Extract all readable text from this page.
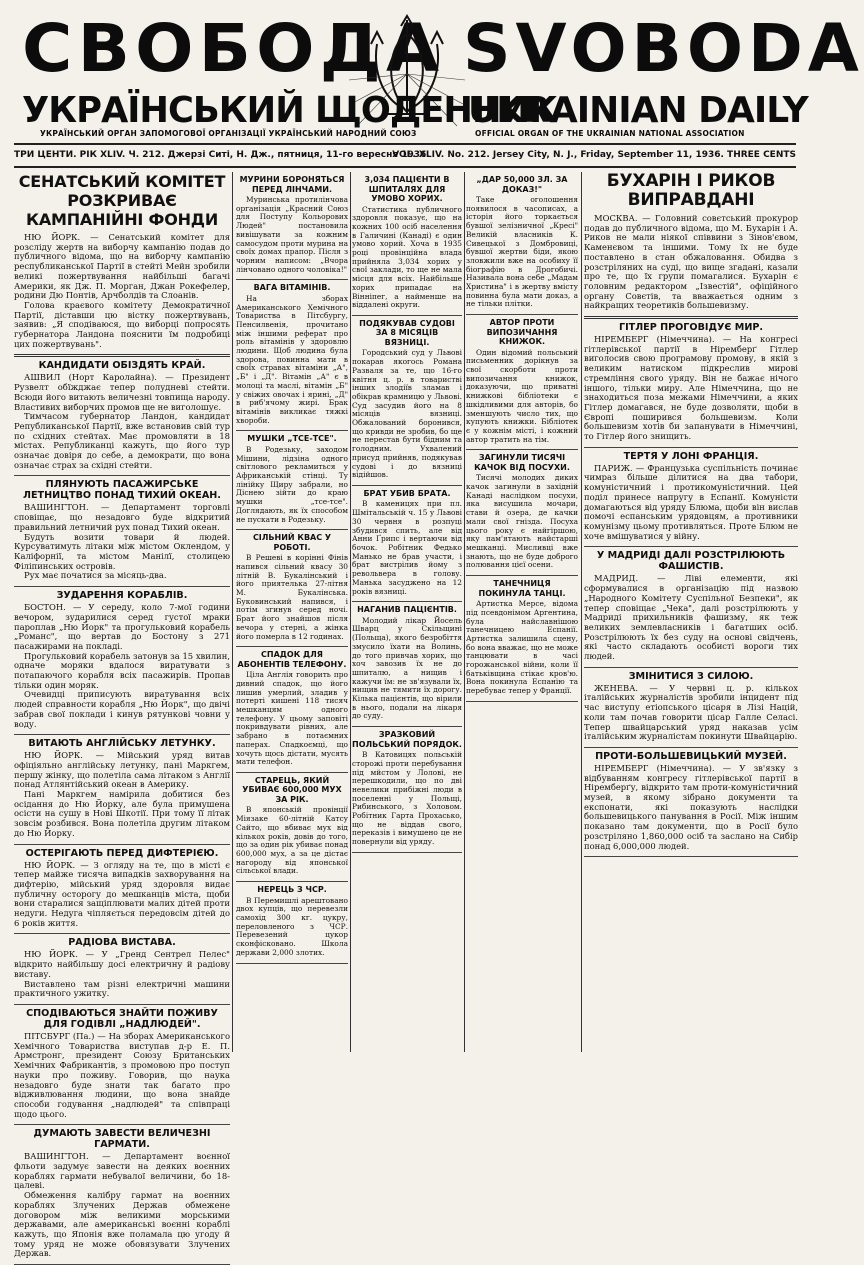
СВОБОДА SVOBODA
УКРАЇНСЬКИЙ ЩОДЕННИК
UKRAINIAN DAILY
УКРАЇНСЬКИЙ ОРГАН ЗАПОМОГОВОЇ ОРГАНІЗАЦІЇ УКРАЇНСЬКИЙ НАРОДНИЙ СОЮЗ	OFFICIAL ORGAN OF THE UKRAINIAN NATIONAL ASSOCIATION
ТРИ ЦЕНТИ. РІК XLIV. Ч. 212. Джерзі Ситі, Н. Дж., пятниця, 11-го вересня 1936.
VOL. XLIV. No. 212. Jersey City, N. J., Friday, September 11, 1936. THREE CENTS
СЕНАТСЬКИЙ КОМІТЕТ РОЗКРИВАЄ КАМПАНІЙНІ ФОНДИ

НЮ ЙОРК. — Сенатський комітет для розсліду жертв на виборчу кампанію подав до публичного відома, що на виборчу кампанію республиканської Партії в стейті Мейн зробили великі пожертвування найбільші багачі Америки, як Дж. П. Морган, Джан Рокефелер, родини Дю Понтів, Арчболдів та Слоанів.

Голова краєвого комітету Демократичної Партії, діставши цю вістку пожертвувань, заявив: „Я сподіваюся, що виборці попросять губернатора Ландона пояснити їм подробиці цих пожертвувань".

КАНДИДАТИ ОБІЗДЯТЬ КРАЙ.

АШВИЛ (Норт Каролайна). — Президент Рузвелт обїжджає тепер полудневі стейти. Всюди його витають величезні товпища народу. Властивих виборчих промов ще не виголошує.

Тимчасом губернатор Ландон, кандидат Републиканської Партії, вже встановив свій тур по східних стейтах. Має промовляти в 18 містах. Републиканці кажуть, що його тур означає довіря до себе, а демократи, що вона означає страх за східні стейти.

ПЛЯНУЮТЬ ПАСАЖИРСЬКЕ ЛЕТНИЦТВО ПОНАД ТИХИЙ ОКЕАН.

ВАШИНГТОН. — Департамент торговлі сповіщає, що незадовго буде відкритий правильний летничий рух понад Тихий океан.

Будуть возити товари й людей. Курсуватимуть літаки між містом Оклендом, у Каліфорнії, та містом Манілї, столицею Філіпинських островів.

Рух має початися за місяць-два.

ЗУДАРЕННЯ КОРАБЛІВ.

БОСТОН. — У середу, коло 7-мої години вечором, зударилися серед густої мраки пароплав „Ню Йорк" та прогульковий корабель „Романс", що вертав до Бостону з 271 пасажирами на покладі.

Прогульковий корабель затонув за 15 хвилин, одначе моряки вдалося виратувати з потапаючого корабля всіх пасажирів. Пропав тільки один моряк.

Очевидці приписують виратування всіх людей справности корабля „Ню Йорк", що двічі забрав свої поклади і кинув рятункові човни у воду.

ВИТАЮТЬ АНГЛІЙСЬКУ ЛЕТУНКУ.

НЮ ЙОРК. — Мійський уряд витав офіціяльно англійську летунку, пані Маркгем, першу жінку, що полетіла сама літаком з Англії понад Атлянтійський океан в Америку.

Пані Маркгем намірила добитися без осідання до Ню Йорку, але була примушена осісти на сушу в Нові Шкотії. При тому її літак зовсім розбився. Вона полетіла другим літаком до Ню Йорку.

ОСТЕРІГАЮТЬ ПЕРЕД ДИФТЕРІЄЮ.

НЮ ЙОРК. — З огляду на те, що в місті є тепер майже тисяча випадків захворування на дифтерію, мійський уряд здоровля видає публичну осторогу до мешканців міста, щоби вони старалися защіплювати малих дітей проти недуги. Недуга чіпляється передовсім дітей до 6 років життя.

РАДІОВА ВИСТАВА.

НЮ ЙОРК. — У „Гренд Сентрел Пелес" відкрито найбільшу досі електричну й радіову виставу.

Виставлено там різні електричні машини практичного ужитку.

СПОДІВАЮТЬСЯ ЗНАЙТИ ПОЖИВУ ДЛЯ ГОДІВЛІ „НАДЛЮДЕЙ".

ПІТСБУРГ (Па.) — На зборах Американського Хемічного Товариства виступав д-р Е. П. Армстронг, президент Союзу Британських Хемічних Фабрикантів, з промовою про поступ науки про поживу. Говорив, що наука незадовго буде знати так багато про відживлювання людини, що вона знайде способи годування „надлюдей" та співпраці щодо цього.

ДУМАЮТЬ ЗАВЕСТИ ВЕЛИЧЕЗНІ ГАРМАТИ.

ВАШИНГТОН. — Департамент воєнної фльоти задумує завести на деяких воєнних кораблях гармати небувалої величини, бо 18-цалеві.

Обмеження калібру гармат на воєнних кораблях Злучених Держав обмежене договором між великими морськими державами, але американські воєнні кораблі кажуть, що Японія вже поламала цю угоду й тому уряд не може обовязувати Злучених Держав.

МУРИНИ БОРОНЯТЬСЯ ПЕРЕД ЛІНЧАМИ.

Муринська протилінчова організація „Красний Союз для Поступу Кольорових Людей" постановила вивішувати за кожним самосудом проти мурина на своїх домах прапор. Після з чорним написом: „Вчора лінчовано одного чоловіка!"

ВАГА ВІТАМІНІВ.

На зборах Американського Хемічного Товариства в Пітсбургу, Пенсилвенія, прочитано між іншими реферат про роль вітамінів у здоровлю людини. Щоб людина була здорова, повинна мати в своїх стравах вітаміни „А", „Б" і „Д". Вітамін „А" є в молоці та маслі, вітамін „Б" у свіжих овочах і ярині, „Д" в риб'ячому жирі. Брак вітамінів викликає тяжкі хвороби.

МУШКИ „ТСЕ-ТСЕ".

В Родезьку, заходом Мішини, лідзіна одного світлового рекламиться у Африканській стінці. Ту лінійку Щиру забрали, но Діснею зійти до краю мушки „тсе-тсе". Доглядають, як їх способом не пускати в Родезьку.

СІЛЬНИЙ КВАС У РОБОТІ.

В Решеві в корінні Фінів напився сільний квасу 30 літній В. Букалінський і його приятелька 27-літня М. Букалінська. Буковинський напився, і потім згинув серед ночі. Брат його знайшов після вечора у стерні, а жінка його померла в 12 годинах.

СПАДОК ДЛЯ АБОНЕНТІВ ТЕЛЕФОНУ.

Ціла Англія говорить про дивний спадок, що його лишив умерлий, зладив у потерті кишені 118 тисяч мешканцям одного телефону. У цьому заповіті покривдувати рівних, але забрано в потаємних паперах. Спадкоємці, що хочуть щось дістати, мусять мати телефон.

СТАРЕЦЬ, ЯКИЙ УБИВАЄ 600,000 МУХ ЗА РІК.

В японській провінції Міязаке 60-літній Катсу Сайто, що вбиває мух від кількох років, довів до того, що за один рік убиває понад 600,000 мух, а за це дістає нагороду від японської сільської влади.

НЕРЕЦЬ З ЧСР.

В Перемишлі арештовано двох купців, що перевезли самохід 300 кг. цукру, переловленого з ЧСР. Перевезений цукор сконфісковано. Школа держави 2,000 злотих.

3,034 ПАЦІЄНТИ В ШПИТАЛЯХ ДЛЯ УМОВО ХОРИХ.

Статистика публичного здоровля показує, що на кожних 100 осіб населення в Галичині (Канаді) є один умово хорий. Хоча в 1935 році провінційна влада прийняла 3,034 хорих у свої заклади, то ще не мала місця для всіх. Найбільше хорих припадає на Вінніпег, а найменше на віддалені округи.

ПОДЯКУВАВ СУДОВІ ЗА 8 МІСЯЦІВ ВЯЗНИЦІ.

Городський суд у Львові покарав якогось Романа Разваля за те, що 16-го квітня ц. р. в товаристві інших злодіїв зламав і обікрав крамницю у Львові. Суд засудив його на 8 місяців вязниці. Обжалований боронився, що кривди не зробив, бо ще не перестав бути бідним та голодним. Ухвалений присуд прийняв, подякував судові і до вязниці відійшов.

БРАТ УБИВ БРАТА.

В каменицях при пл. Шмітальській ч. 15 у Львові 30 червня в розпуці збудився спить, але від Анни Ґрипс і вертаючи від бочок. Робітник Федько Манько не брав участи, і брат вистрілив йому з револьвера в голову. Манька засуджено на 12 років вязниці.

НАГАНИВ ПАЦІЄНТІВ.

Молодий лікар Йосель Шварц у Скільщині (Польща), якого безробіття змусило їхати на Волинь, до того привчав хорих, що хоч завозив їх не до шпиталю, а нищив і кажучи їм: не зв'язували їх, нищив не тямити їх дорогу. Кілька пацієнтів, що вірили в нього, подали на лікаря до суду.

ЗРАЗКОВИЙ ПОЛЬСЬКИЙ ПОРЯДОК.

В Катовицях польській сторожі проти перебування під мйстом у Лолові, не перешкодили, що по дві невелики прибіжні люди в поселенні у Польщі, Рибинського, з Холовом. Робітник Гарта Прохасько, що не віддав свого, переказів і вимушено це не повернули від уряду.

„ДАР 50,000 ЗЛ. ЗА ДОКАЗ!"

Таке оголошення появилося в часописах, а історія його торкається бувшої зелізничної „Кресі" Великій власників К. Сивецької з Домбровиці, бувшої жертви біди, якою зловжили вже на особиху її біографію в Дрогобичі. Називала вона себе „Мадам Христина" і в жертву вмісту повинна була мати доказ, а не тільки плітки.

АВТОР ПРОТИ ВИПОЗИЧАННЯ КНИЖОК.

Один відомий польський письменник дорікнув за свої скорботи проти випозичання книжок, доказуючи, що приватні книжкові бібліотеки є шкідливими для авторів, бо зменшують число тих, що купують книжки. Бібліотек є у кожнім місті, і кожний автор тратить на тім.

ЗАГИНУЛИ ТИСЯЧІ КАЧОК ВІД ПОСУХИ.

Тисячі молодих диких качок загинули в західній Канаді наслідком посухи, яка висушила мочари, стави й озера, де качки мали свої гнізда. Посуха цього року є найгіршою, яку пам'ятають найстарші мешканці. Мисливці вже знають, що не буде доброго полювання цієї осени.

ТАНЕЧНИЦЯ ПОКИНУЛА ТАНЦІ.

Артистка Мерсе, відома під псевдонімом Аргентина, була найславнішою танечницею Еспанії. Артистка залишила сцену, бо вона вважає, що не може танцювати в часі горожанської війни, коли її батьківщина стікає кров'ю. Вона покинула Еспанію та перебуває тепер у Франції.

БУХАРІН І РИКОВ ВИПРАВДАНІ

МОСКВА. — Головний совєтський прокурор подав до публичного відома, що М. Бухарін і А. Риков не мали ніякої співвини з Зінов'євом, Каменєвом та іншими. Тому їх не буде поставлено в стан обжаловання. Обидва з розстріляних на суді, що вище згадані, казали про те, що їх групи помагалися. Бухарін є головним редактором „Ізвестій", офіційного органу Совєтів, та вважається одним з найкращих теоретиків большевизму.

ГІТЛЕР ПРОГОВІДУЄ МИР.

НІРЕМБЕРГ (Німеччина). — На конгресі гітлерівської партії в Ніремберґ Гітлер виголосив свою програмову промову, в якій з великим натиском підкреслив мирові стремління свого уряду. Він не бажає нічого іншого, тільки миру. Але Німеччина, що не знаходиться поза межами Німеччини, а яких Гітлер домагався, не буде дозволяти, щоби в Європі поширився большевизм. Коли большевизм хотів би запанувати в Німеччині, то Гітлер його знищить.

ТЕРТЯ У ЛОНІ ФРАНЦІЯ.

ПАРИЖ. — Французька суспільність починає чимраз більше ділитися на два табори, комуністичний і протикомуністичний. Цей поділ принесе напругу в Еспанії. Комуністи домагаються від уряду Блюма, щоби він вислав помочі еспанським урядовцям, а противники комунізму цьому противляться. Проте Блюм не хоче вмішуватися у війну.

У МАДРИДІ ДАЛІ РОЗСТРІЛЮЮТЬ ФАШИСТІВ.

МАДРИД. — Ліві елементи, які сформувалися в організацію під назвою „Народного Комітету Суспільної Безпеки", як тепер сповіщає „Чека", далі розстрілюють у Мадриді прихильників фашизму, як теж великих землевласників і багатших осіб. Розстрілюють їх без суду на основі свідчень, які часто складають особисті вороги тих людей.

ЗМІНИТИСЯ З СИЛОЮ.

ЖЕНЕВА. — У червні ц. р. кількох італійських журналістів зробили інцидент під час виступу етіопського цісаря в Лізі Націй, коли там почав говорити цісар Галле Селасі. Тепер швайцарський уряд наказав усім італійським журналістам покинути Швайцарію.

ПРОТИ-БОЛЬШЕВИЦЬКИЙ МУЗЕЙ.

НІРЕМБЕРГ (Німеччина). — У зв'язку з відбуванням конгресу гітлерівської партії в Ніремберґу, відкрито там проти-комуністичний музей, в якому зібрано документи та експонати, які показують наслідки большевицького панування в Росії. Між іншим показано там документи, що в Росії було розстріляно 1,860,000 осіб та заслано на Сибір понад 6,000,000 людей.
